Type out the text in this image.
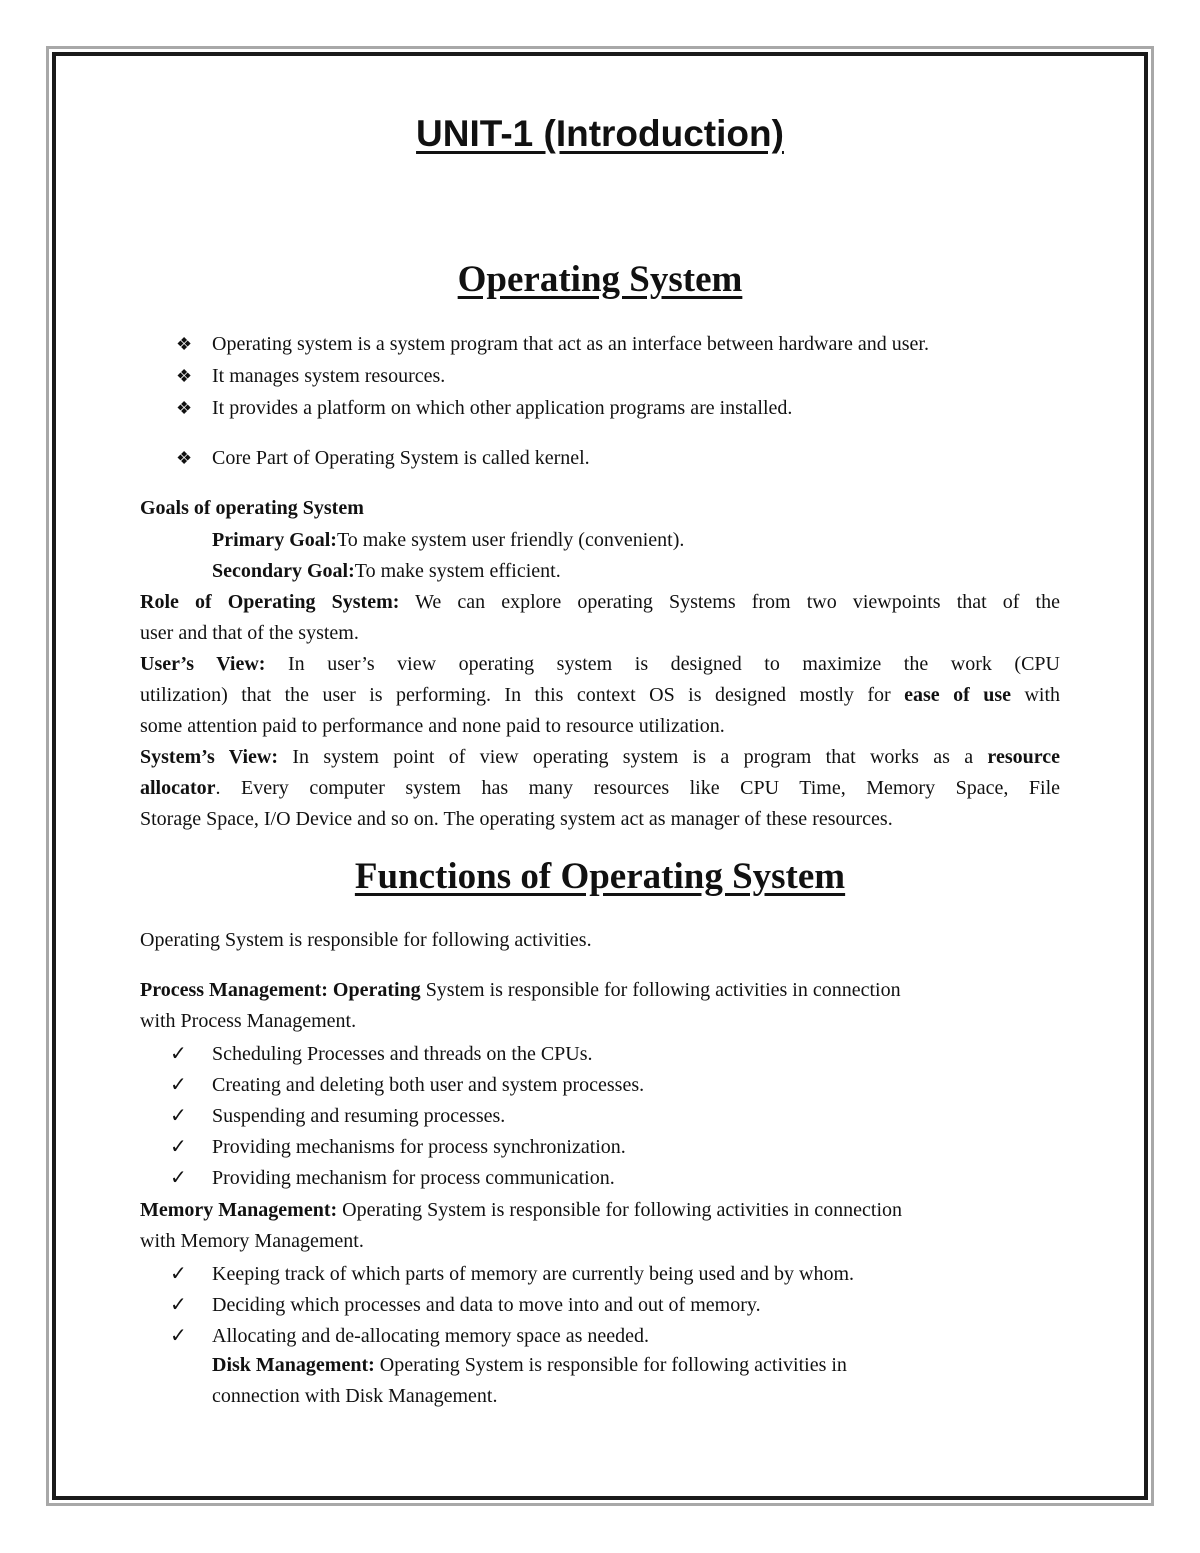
UNIT-1 (Introduction)
Operating System
❖ Operating system is a system program that act as an interface between hardware and user.
❖ It manages system resources.
❖ It provides a platform on which other application programs are installed.
❖ Core Part of Operating System is called kernel.

Goals of operating System

Primary Goal:To make system user friendly (convenient).

Secondary Goal:To make system efficient.

Role of Operating System: We can explore operating Systems from two viewpoints that of the

user and that of the system.

User’s View: In user’s view operating system is designed to maximize the work (CPU

utilization) that the user is performing. In this context OS is designed mostly for ease of use with

some attention paid to performance and none paid to resource utilization.

System’s View: In system point of view operating system is a program that works as a resource

allocator. Every computer system has many resources like CPU Time, Memory Space, File

Storage Space, I/O Device and so on. The operating system act as manager of these resources.

Functions of Operating System

Operating System is responsible for following activities.

Process Management: Operating System is responsible for following activities in connection

with Process Management.

✓	Scheduling Processes and threads on the CPUs.
✓	Creating and deleting both user and system processes.
✓	Suspending and resuming processes.
✓	Providing mechanisms for process synchronization.
✓	Providing mechanism for process communication.

Memory Management: Operating System is responsible for following activities in connection

with Memory Management.

✓	Keeping track of which parts of memory are currently being used and by whom.
✓	Deciding which processes and data to move into and out of memory.
✓	Allocating and de-allocating memory space as needed.

Disk Management: Operating System is responsible for following activities in

connection with Disk Management.
